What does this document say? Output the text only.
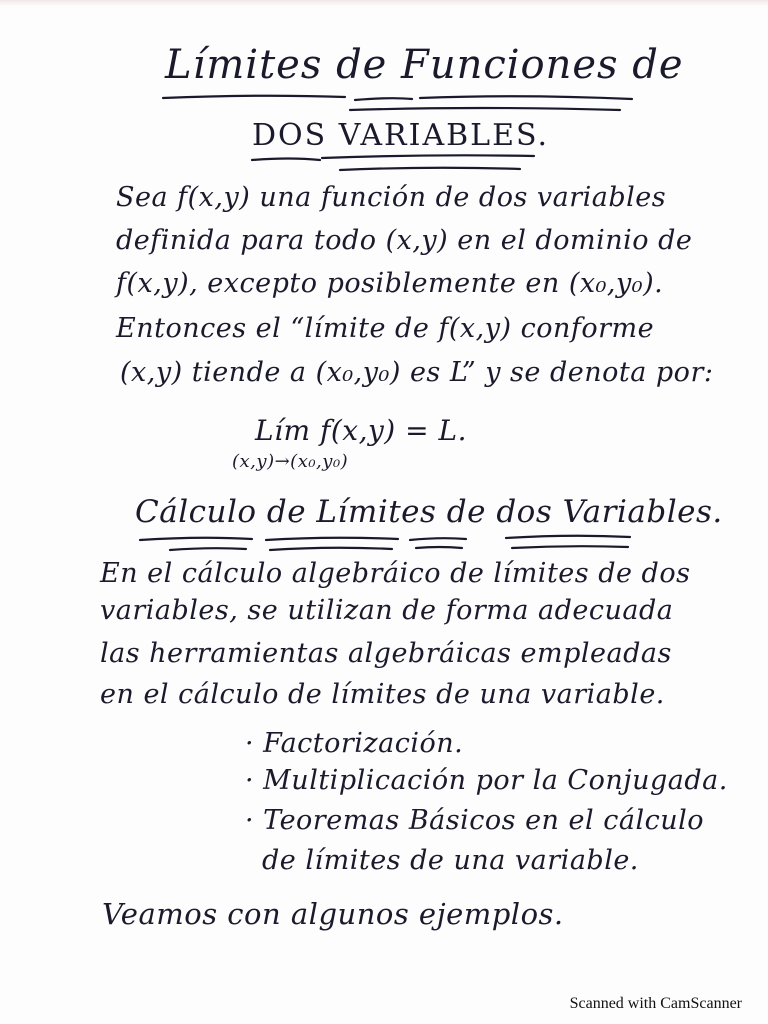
Límites de Funciones de
DOS VARIABLES.
Sea f(x,y) una función de dos variables
definida para todo (x,y) en el dominio de
f(x,y), excepto posiblemente en (x₀,y₀).
Entonces el “límite de f(x,y) conforme
(x,y) tiende a (x₀,y₀) es L” y se denota por:
Lím f(x,y) = L.
(x,y)→(x₀,y₀)
Cálculo de Límites de dos Variables.
En el cálculo algebráico de límites de dos
variables, se utilizan de forma adecuada
las herramientas algebráicas empleadas
en el cálculo de límites de una variable.
· Factorización.
· Multiplicación por la Conjugada.
· Teoremas Básicos en el cálculo
de límites de una variable.
Veamos con algunos ejemplos.
Scanned with CamScanner
